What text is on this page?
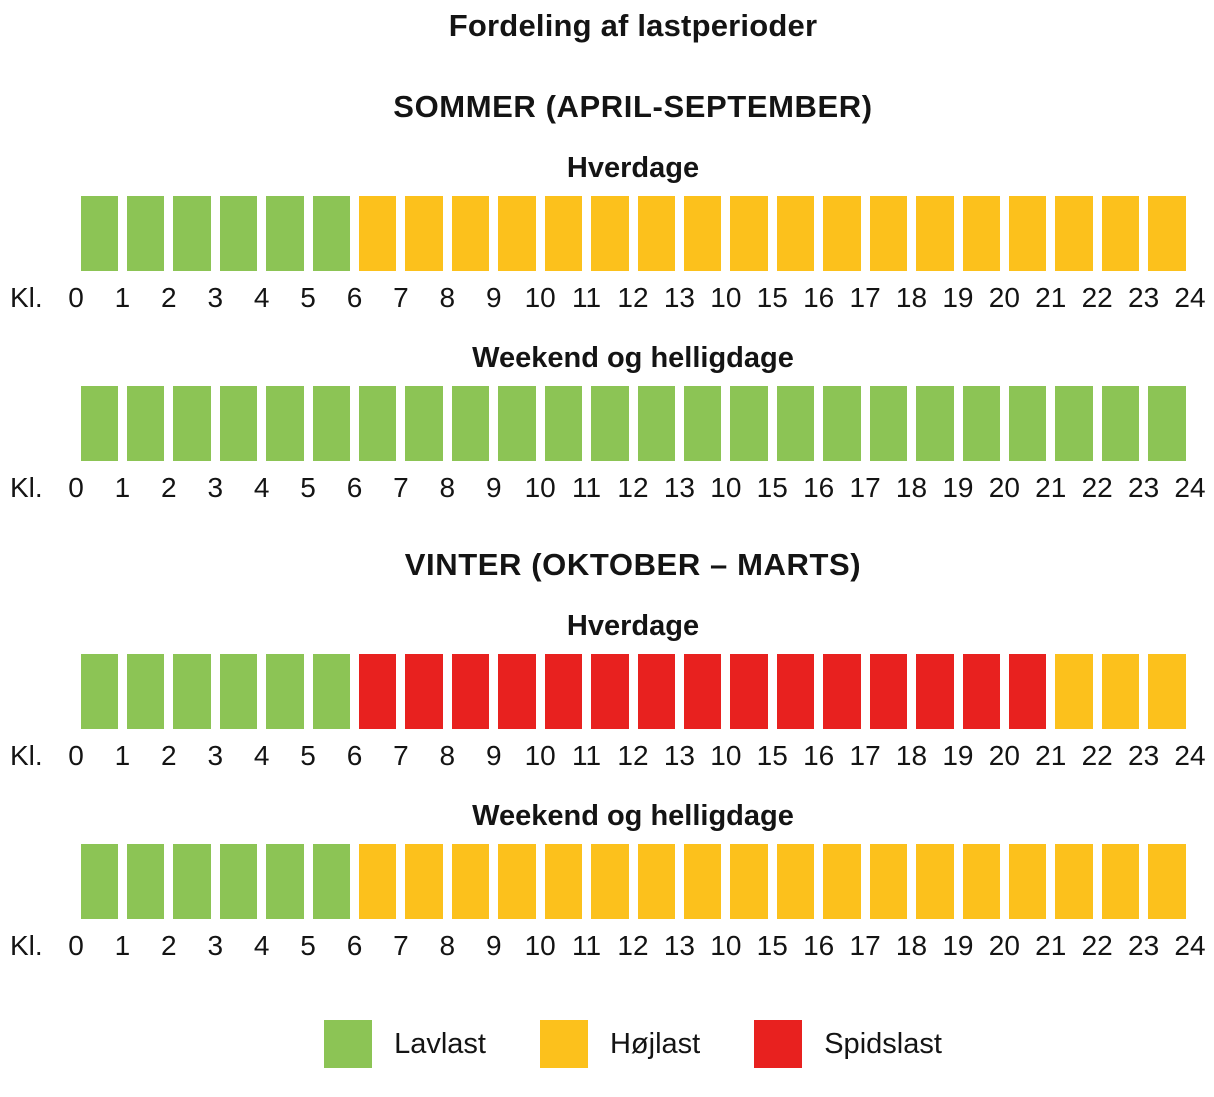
Fordeling af lastperioder
SOMMER (APRIL-SEPTEMBER)
Hverdage
Kl. 0 1 2 3 4 5 6 7 8 9 10 11 12 13 10 15 16 17 18 19 20 21 22 23 24
Weekend og helligdage
Kl. 0 1 2 3 4 5 6 7 8 9 10 11 12 13 10 15 16 17 18 19 20 21 22 23 24
VINTER (OKTOBER – MARTS)
Hverdage
Kl. 0 1 2 3 4 5 6 7 8 9 10 11 12 13 10 15 16 17 18 19 20 21 22 23 24
Weekend og helligdage
Kl. 0 1 2 3 4 5 6 7 8 9 10 11 12 13 10 15 16 17 18 19 20 21 22 23 24
Lavlast	Højlast	Spidslast
